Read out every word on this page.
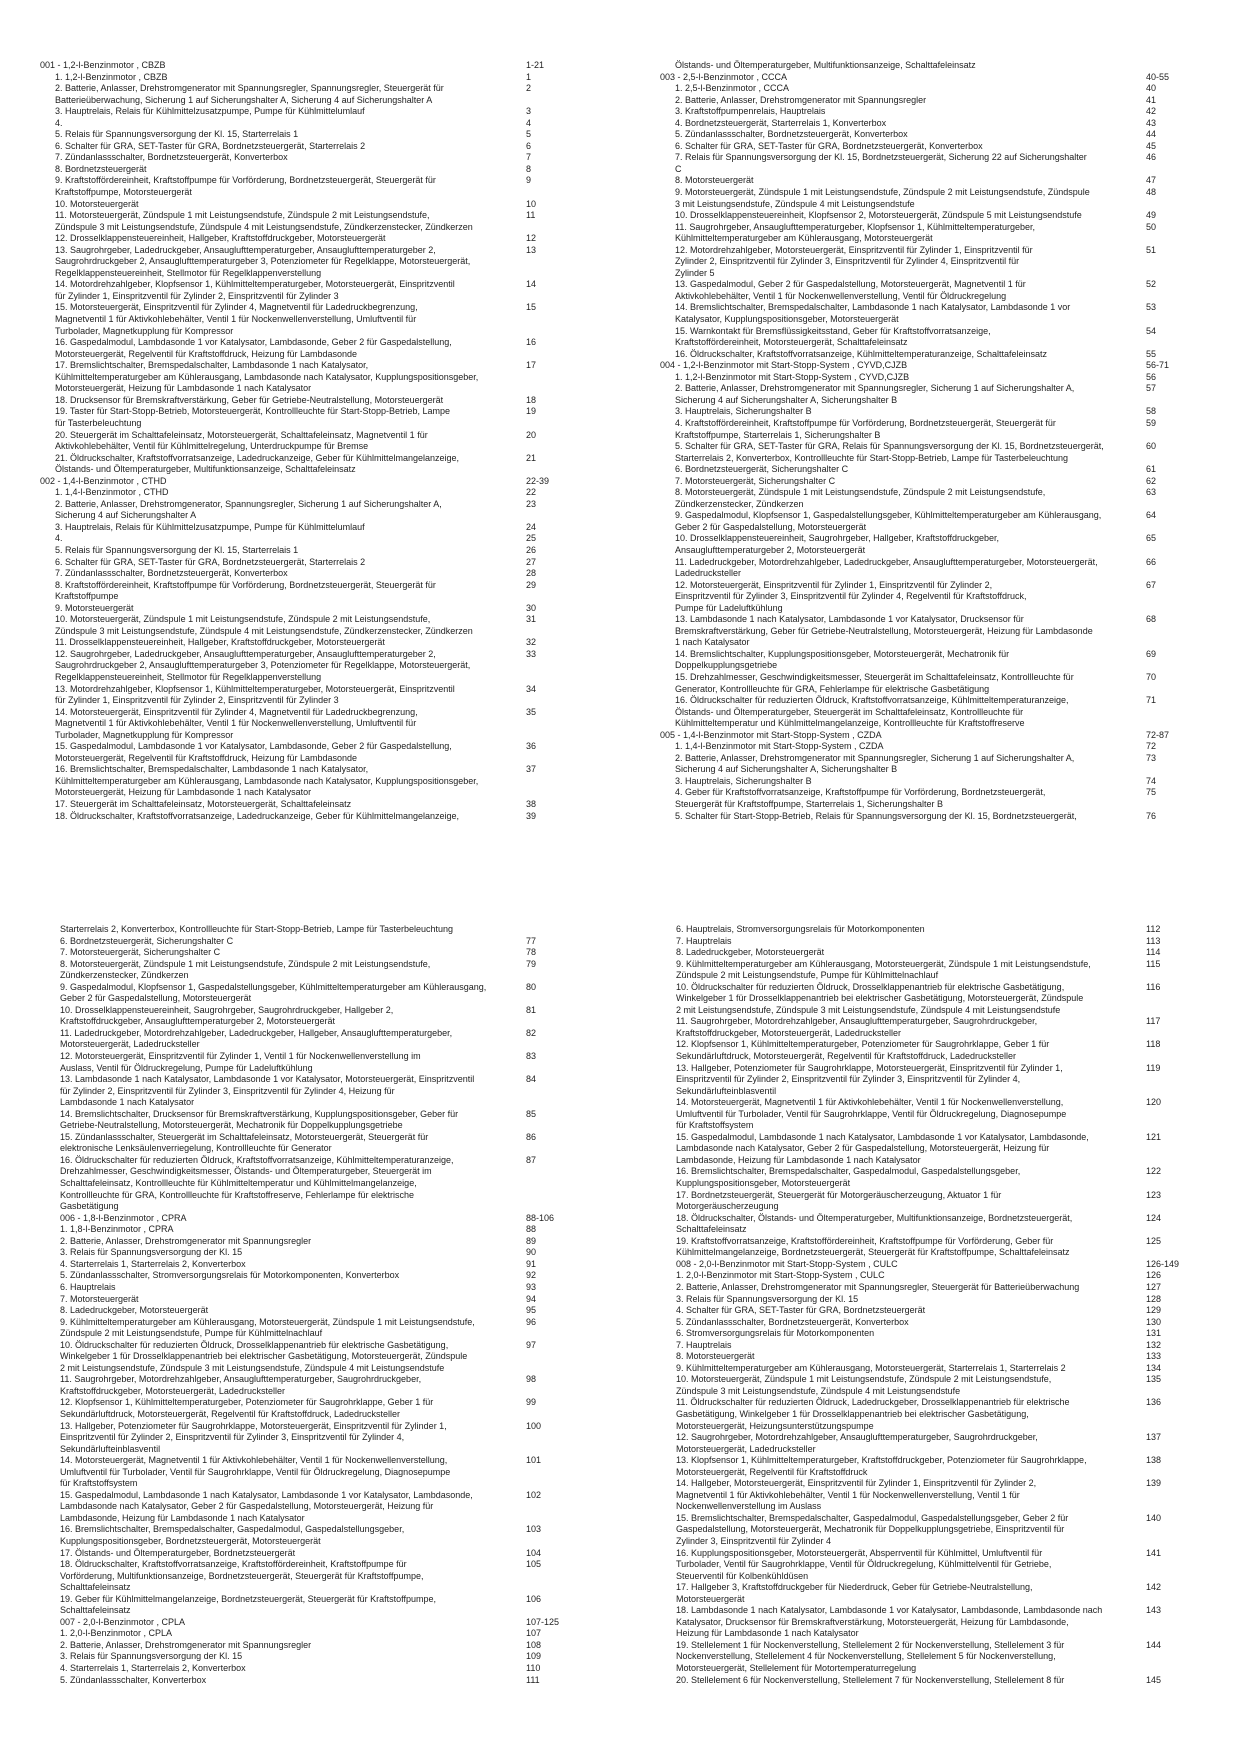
001 - 1,2-l-Benzinmotor , CBZB	1-21
1. 1,2-l-Benzinmotor , CBZB	1
2. Batterie, Anlasser, Drehstromgenerator mit Spannungsregler, Spannungsregler, Steuergerät für	2
Batterieüberwachung, Sicherung 1 auf Sicherungshalter A, Sicherung 4 auf Sicherungshalter A
3. Hauptrelais, Relais für Kühlmittelzusatzpumpe, Pumpe für Kühlmittelumlauf	3
4.	4
5. Relais für Spannungsversorgung der Kl. 15, Starterrelais 1	5
6. Schalter für GRA, SET-Taster für GRA, Bordnetzsteuergerät, Starterrelais 2	6
7. Zündanlassschalter, Bordnetzsteuergerät, Konverterbox	7
8. Bordnetzsteuergerät	8
9. Kraftstoffördereinheit, Kraftstoffpumpe für Vorförderung, Bordnetzsteuergerät, Steuergerät für	9
Kraftstoffpumpe, Motorsteuergerät
10. Motorsteuergerät	10
11. Motorsteuergerät, Zündspule 1 mit Leistungsendstufe, Zündspule 2 mit Leistungsendstufe,	11
Zündspule 3 mit Leistungsendstufe, Zündspule 4 mit Leistungsendstufe, Zündkerzenstecker, Zündkerzen
12. Drosselklappensteuereinheit, Hallgeber, Kraftstoffdruckgeber, Motorsteuergerät	12
13. Saugrohrgeber, Ladedruckgeber, Ansauglufttemperaturgeber, Ansauglufttemperaturgeber 2,	13
Saugrohrdruckgeber 2, Ansauglufttemperaturgeber 3, Potenziometer für Regelklappe, Motorsteuergerät,
Regelklappensteuereinheit, Stellmotor für Regelklappenverstellung
14. Motordrehzahlgeber, Klopfsensor 1, Kühlmitteltemperaturgeber, Motorsteuergerät, Einspritzventil	14
für Zylinder 1, Einspritzventil für Zylinder 2, Einspritzventil für Zylinder 3
15. Motorsteuergerät, Einspritzventil für Zylinder 4, Magnetventil für Ladedruckbegrenzung,	15
Magnetventil 1 für Aktivkohlebehälter, Ventil 1 für Nockenwellenverstellung, Umluftventil für
Turbolader, Magnetkupplung für Kompressor
16. Gaspedalmodul, Lambdasonde 1 vor Katalysator, Lambdasonde, Geber 2 für Gaspedalstellung,	16
Motorsteuergerät, Regelventil für Kraftstoffdruck, Heizung für Lambdasonde
17. Bremslichtschalter, Bremspedalschalter, Lambdasonde 1 nach Katalysator,	17
Kühlmitteltemperaturgeber am Kühlerausgang, Lambdasonde nach Katalysator, Kupplungspositionsgeber,
Motorsteuergerät, Heizung für Lambdasonde 1 nach Katalysator
18. Drucksensor für Bremskraftverstärkung, Geber für Getriebe-Neutralstellung, Motorsteuergerät	18
19. Taster für Start-Stopp-Betrieb, Motorsteuergerät, Kontrollleuchte für Start-Stopp-Betrieb, Lampe	19
für Tasterbeleuchtung
20. Steuergerät im Schalttafeleinsatz, Motorsteuergerät, Schalttafeleinsatz, Magnetventil 1 für	20
Aktivkohlebehälter, Ventil für Kühlmittelregelung, Unterdruckpumpe für Bremse
21. Öldruckschalter, Kraftstoffvorratsanzeige, Ladedruckanzeige, Geber für Kühlmittelmangelanzeige,	21
Ölstands- und Öltemperaturgeber, Multifunktionsanzeige, Schalttafeleinsatz
002 - 1,4-l-Benzinmotor , CTHD	22-39
1. 1,4-l-Benzinmotor , CTHD	22
2. Batterie, Anlasser, Drehstromgenerator, Spannungsregler, Sicherung 1 auf Sicherungshalter A,	23
Sicherung 4 auf Sicherungshalter A
3. Hauptrelais, Relais für Kühlmittelzusatzpumpe, Pumpe für Kühlmittelumlauf	24
4.	25
5. Relais für Spannungsversorgung der Kl. 15, Starterrelais 1	26
6. Schalter für GRA, SET-Taster für GRA, Bordnetzsteuergerät, Starterrelais 2	27
7. Zündanlassschalter, Bordnetzsteuergerät, Konverterbox	28
8. Kraftstoffördereinheit, Kraftstoffpumpe für Vorförderung, Bordnetzsteuergerät, Steuergerät für	29
Kraftstoffpumpe
9. Motorsteuergerät	30
10. Motorsteuergerät, Zündspule 1 mit Leistungsendstufe, Zündspule 2 mit Leistungsendstufe,	31
Zündspule 3 mit Leistungsendstufe, Zündspule 4 mit Leistungsendstufe, Zündkerzenstecker, Zündkerzen
11. Drosselklappensteuereinheit, Hallgeber, Kraftstoffdruckgeber, Motorsteuergerät	32
12. Saugrohrgeber, Ladedruckgeber, Ansauglufttemperaturgeber, Ansauglufttemperaturgeber 2,	33
Saugrohrdruckgeber 2, Ansauglufttemperaturgeber 3, Potenziometer für Regelklappe, Motorsteuergerät,
Regelklappensteuereinheit, Stellmotor für Regelklappenverstellung
13. Motordrehzahlgeber, Klopfsensor 1, Kühlmitteltemperaturgeber, Motorsteuergerät, Einspritzventil	34
für Zylinder 1, Einspritzventil für Zylinder 2, Einspritzventil für Zylinder 3
14. Motorsteuergerät, Einspritzventil für Zylinder 4, Magnetventil für Ladedruckbegrenzung,	35
Magnetventil 1 für Aktivkohlebehälter, Ventil 1 für Nockenwellenverstellung, Umluftventil für
Turbolader, Magnetkupplung für Kompressor
15. Gaspedalmodul, Lambdasonde 1 vor Katalysator, Lambdasonde, Geber 2 für Gaspedalstellung,	36
Motorsteuergerät, Regelventil für Kraftstoffdruck, Heizung für Lambdasonde
16. Bremslichtschalter, Bremspedalschalter, Lambdasonde 1 nach Katalysator,	37
Kühlmitteltemperaturgeber am Kühlerausgang, Lambdasonde nach Katalysator, Kupplungspositionsgeber,
Motorsteuergerät, Heizung für Lambdasonde 1 nach Katalysator
17. Steuergerät im Schalttafeleinsatz, Motorsteuergerät, Schalttafeleinsatz	38
18. Öldruckschalter, Kraftstoffvorratsanzeige, Ladedruckanzeige, Geber für Kühlmittelmangelanzeige,	39
Ölstands- und Öltemperaturgeber, Multifunktionsanzeige, Schalttafeleinsatz
003 - 2,5-l-Benzinmotor , CCCA	40-55
1. 2,5-l-Benzinmotor , CCCA	40
2. Batterie, Anlasser, Drehstromgenerator mit Spannungsregler	41
3. Kraftstoffpumpenrelais, Hauptrelais	42
4. Bordnetzsteuergerät, Starterrelais 1, Konverterbox	43
5. Zündanlassschalter, Bordnetzsteuergerät, Konverterbox	44
6. Schalter für GRA, SET-Taster für GRA, Bordnetzsteuergerät, Konverterbox	45
7. Relais für Spannungsversorgung der Kl. 15, Bordnetzsteuergerät, Sicherung 22 auf Sicherungshalter	46
C
8. Motorsteuergerät	47
9. Motorsteuergerät, Zündspule 1 mit Leistungsendstufe, Zündspule 2 mit Leistungsendstufe, Zündspule	48
3 mit Leistungsendstufe, Zündspule 4 mit Leistungsendstufe
10. Drosselklappensteuereinheit, Klopfsensor 2, Motorsteuergerät, Zündspule 5 mit Leistungsendstufe	49
11. Saugrohrgeber, Ansauglufttemperaturgeber, Klopfsensor 1, Kühlmitteltemperaturgeber,	50
Kühlmitteltemperaturgeber am Kühlerausgang, Motorsteuergerät
12. Motordrehzahlgeber, Motorsteuergerät, Einspritzventil für Zylinder 1, Einspritzventil für	51
Zylinder 2, Einspritzventil für Zylinder 3, Einspritzventil für Zylinder 4, Einspritzventil für
Zylinder 5
13. Gaspedalmodul, Geber 2 für Gaspedalstellung, Motorsteuergerät, Magnetventil 1 für	52
Aktivkohlebehälter, Ventil 1 für Nockenwellenverstellung, Ventil für Öldruckregelung
14. Bremslichtschalter, Bremspedalschalter, Lambdasonde 1 nach Katalysator, Lambdasonde 1 vor	53
Katalysator, Kupplungspositionsgeber, Motorsteuergerät
15. Warnkontakt für Bremsflüssigkeitsstand, Geber für Kraftstoffvorratsanzeige,	54
Kraftstoffördereinheit, Motorsteuergerät, Schalttafeleinsatz
16. Öldruckschalter, Kraftstoffvorratsanzeige, Kühlmitteltemperaturanzeige, Schalttafeleinsatz	55
004 - 1,2-l-Benzinmotor mit Start-Stopp-System , CYVD,CJZB	56-71
1. 1,2-l-Benzinmotor mit Start-Stopp-System , CYVD,CJZB	56
2. Batterie, Anlasser, Drehstromgenerator mit Spannungsregler, Sicherung 1 auf Sicherungshalter A,	57
Sicherung 4 auf Sicherungshalter A, Sicherungshalter B
3. Hauptrelais, Sicherungshalter B	58
4. Kraftstoffördereinheit, Kraftstoffpumpe für Vorförderung, Bordnetzsteuergerät, Steuergerät für	59
Kraftstoffpumpe, Starterrelais 1, Sicherungshalter B
5. Schalter für GRA, SET-Taster für GRA, Relais für Spannungsversorgung der Kl. 15, Bordnetzsteuergerät,	60
Starterrelais 2, Konverterbox, Kontrollleuchte für Start-Stopp-Betrieb, Lampe für Tasterbeleuchtung
6. Bordnetzsteuergerät, Sicherungshalter C	61
7. Motorsteuergerät, Sicherungshalter C	62
8. Motorsteuergerät, Zündspule 1 mit Leistungsendstufe, Zündspule 2 mit Leistungsendstufe,	63
Zündkerzenstecker, Zündkerzen
9. Gaspedalmodul, Klopfsensor 1, Gaspedalstellungsgeber, Kühlmitteltemperaturgeber am Kühlerausgang,	64
Geber 2 für Gaspedalstellung, Motorsteuergerät
10. Drosselklappensteuereinheit, Saugrohrgeber, Hallgeber, Kraftstoffdruckgeber,	65
Ansauglufttemperaturgeber 2, Motorsteuergerät
11. Ladedruckgeber, Motordrehzahlgeber, Ladedruckgeber, Ansauglufttemperaturgeber, Motorsteuergerät,	66
Ladedrucksteller
12. Motorsteuergerät, Einspritzventil für Zylinder 1, Einspritzventil für Zylinder 2,	67
Einspritzventil für Zylinder 3, Einspritzventil für Zylinder 4, Regelventil für Kraftstoffdruck,
Pumpe für Ladeluftkühlung
13. Lambdasonde 1 nach Katalysator, Lambdasonde 1 vor Katalysator, Drucksensor für	68
Bremskraftverstärkung, Geber für Getriebe-Neutralstellung, Motorsteuergerät, Heizung für Lambdasonde
1 nach Katalysator
14. Bremslichtschalter, Kupplungspositionsgeber, Motorsteuergerät, Mechatronik für	69
Doppelkupplungsgetriebe
15. Drehzahlmesser, Geschwindigkeitsmesser, Steuergerät im Schalttafeleinsatz, Kontrollleuchte für	70
Generator, Kontrollleuchte für GRA, Fehlerlampe für elektrische Gasbetätigung
16. Öldruckschalter für reduzierten Öldruck, Kraftstoffvorratsanzeige, Kühlmitteltemperaturanzeige,	71
Ölstands- und Öltemperaturgeber, Steuergerät im Schalttafeleinsatz, Kontrollleuchte für
Kühlmitteltemperatur und Kühlmittelmangelanzeige, Kontrollleuchte für Kraftstoffreserve
005 - 1,4-l-Benzinmotor mit Start-Stopp-System , CZDA	72-87
1. 1,4-l-Benzinmotor mit Start-Stopp-System , CZDA	72
2. Batterie, Anlasser, Drehstromgenerator mit Spannungsregler, Sicherung 1 auf Sicherungshalter A,	73
Sicherung 4 auf Sicherungshalter A, Sicherungshalter B
3. Hauptrelais, Sicherungshalter B	74
4. Geber für Kraftstoffvorratsanzeige, Kraftstoffpumpe für Vorförderung, Bordnetzsteuergerät,	75
Steuergerät für Kraftstoffpumpe, Starterrelais 1, Sicherungshalter B
5. Schalter für Start-Stopp-Betrieb, Relais für Spannungsversorgung der Kl. 15, Bordnetzsteuergerät,	76
Starterrelais 2, Konverterbox, Kontrollleuchte für Start-Stopp-Betrieb, Lampe für Tasterbeleuchtung
6. Bordnetzsteuergerät, Sicherungshalter C	77
7. Motorsteuergerät, Sicherungshalter C	78
8. Motorsteuergerät, Zündspule 1 mit Leistungsendstufe, Zündspule 2 mit Leistungsendstufe,	79
Zündkerzenstecker, Zündkerzen
9. Gaspedalmodul, Klopfsensor 1, Gaspedalstellungsgeber, Kühlmitteltemperaturgeber am Kühlerausgang,	80
Geber 2 für Gaspedalstellung, Motorsteuergerät
10. Drosselklappensteuereinheit, Saugrohrgeber, Saugrohrdruckgeber, Hallgeber 2,	81
Kraftstoffdruckgeber, Ansauglufttemperaturgeber 2, Motorsteuergerät
11. Ladedruckgeber, Motordrehzahlgeber, Ladedruckgeber, Hallgeber, Ansauglufttemperaturgeber,	82
Motorsteuergerät, Ladedrucksteller
12. Motorsteuergerät, Einspritzventil für Zylinder 1, Ventil 1 für Nockenwellenverstellung im	83
Auslass, Ventil für Öldruckregelung, Pumpe für Ladeluftkühlung
13. Lambdasonde 1 nach Katalysator, Lambdasonde 1 vor Katalysator, Motorsteuergerät, Einspritzventil	84
für Zylinder 2, Einspritzventil für Zylinder 3, Einspritzventil für Zylinder 4, Heizung für
Lambdasonde 1 nach Katalysator
14. Bremslichtschalter, Drucksensor für Bremskraftverstärkung, Kupplungspositionsgeber, Geber für	85
Getriebe-Neutralstellung, Motorsteuergerät, Mechatronik für Doppelkupplungsgetriebe
15. Zündanlassschalter, Steuergerät im Schalttafeleinsatz, Motorsteuergerät, Steuergerät für	86
elektronische Lenksäulenverriegelung, Kontrollleuchte für Generator
16. Öldruckschalter für reduzierten Öldruck, Kraftstoffvorratsanzeige, Kühlmitteltemperaturanzeige,	87
Drehzahlmesser, Geschwindigkeitsmesser, Ölstands- und Öltemperaturgeber, Steuergerät im
Schalttafeleinsatz, Kontrollleuchte für Kühlmitteltemperatur und Kühlmittelmangelanzeige,
Kontrollleuchte für GRA, Kontrollleuchte für Kraftstoffreserve, Fehlerlampe für elektrische
Gasbetätigung
006 - 1,8-l-Benzinmotor , CPRA	88-106
1. 1,8-l-Benzinmotor , CPRA	88
2. Batterie, Anlasser, Drehstromgenerator mit Spannungsregler	89
3. Relais für Spannungsversorgung der Kl. 15	90
4. Starterrelais 1, Starterrelais 2, Konverterbox	91
5. Zündanlassschalter, Stromversorgungsrelais für Motorkomponenten, Konverterbox	92
6. Hauptrelais	93
7. Motorsteuergerät	94
8. Ladedruckgeber, Motorsteuergerät	95
9. Kühlmitteltemperaturgeber am Kühlerausgang, Motorsteuergerät, Zündspule 1 mit Leistungsendstufe,	96
Zündspule 2 mit Leistungsendstufe, Pumpe für Kühlmittelnachlauf
10. Öldruckschalter für reduzierten Öldruck, Drosselklappenantrieb für elektrische Gasbetätigung,	97
Winkelgeber 1 für Drosselklappenantrieb bei elektrischer Gasbetätigung, Motorsteuergerät, Zündspule
2 mit Leistungsendstufe, Zündspule 3 mit Leistungsendstufe, Zündspule 4 mit Leistungsendstufe
11. Saugrohrgeber, Motordrehzahlgeber, Ansauglufttemperaturgeber, Saugrohrdruckgeber,	98
Kraftstoffdruckgeber, Motorsteuergerät, Ladedrucksteller
12. Klopfsensor 1, Kühlmitteltemperaturgeber, Potenziometer für Saugrohrklappe, Geber 1 für	99
Sekundärluftdruck, Motorsteuergerät, Regelventil für Kraftstoffdruck, Ladedrucksteller
13. Hallgeber, Potenziometer für Saugrohrklappe, Motorsteuergerät, Einspritzventil für Zylinder 1,	100
Einspritzventil für Zylinder 2, Einspritzventil für Zylinder 3, Einspritzventil für Zylinder 4,
Sekundärlufteinblasventil
14. Motorsteuergerät, Magnetventil 1 für Aktivkohlebehälter, Ventil 1 für Nockenwellenverstellung,	101
Umluftventil für Turbolader, Ventil für Saugrohrklappe, Ventil für Öldruckregelung, Diagnosepumpe
für Kraftstoffsystem
15. Gaspedalmodul, Lambdasonde 1 nach Katalysator, Lambdasonde 1 vor Katalysator, Lambdasonde,	102
Lambdasonde nach Katalysator, Geber 2 für Gaspedalstellung, Motorsteuergerät, Heizung für
Lambdasonde, Heizung für Lambdasonde 1 nach Katalysator
16. Bremslichtschalter, Bremspedalschalter, Gaspedalmodul, Gaspedalstellungsgeber,	103
Kupplungspositionsgeber, Bordnetzsteuergerät, Motorsteuergerät
17. Ölstands- und Öltemperaturgeber, Bordnetzsteuergerät	104
18. Öldruckschalter, Kraftstoffvorratsanzeige, Kraftstoffördereinheit, Kraftstoffpumpe für	105
Vorförderung, Multifunktionsanzeige, Bordnetzsteuergerät, Steuergerät für Kraftstoffpumpe,
Schalttafeleinsatz
19. Geber für Kühlmittelmangelanzeige, Bordnetzsteuergerät, Steuergerät für Kraftstoffpumpe,	106
Schalttafeleinsatz
007 - 2,0-l-Benzinmotor , CPLA	107-125
1. 2,0-l-Benzinmotor , CPLA	107
2. Batterie, Anlasser, Drehstromgenerator mit Spannungsregler	108
3. Relais für Spannungsversorgung der Kl. 15	109
4. Starterrelais 1, Starterrelais 2, Konverterbox	110
5. Zündanlassschalter, Konverterbox	111
6. Hauptrelais, Stromversorgungsrelais für Motorkomponenten	112
7. Hauptrelais	113
8. Ladedruckgeber, Motorsteuergerät	114
9. Kühlmitteltemperaturgeber am Kühlerausgang, Motorsteuergerät, Zündspule 1 mit Leistungsendstufe,	115
Zündspule 2 mit Leistungsendstufe, Pumpe für Kühlmittelnachlauf
10. Öldruckschalter für reduzierten Öldruck, Drosselklappenantrieb für elektrische Gasbetätigung,	116
Winkelgeber 1 für Drosselklappenantrieb bei elektrischer Gasbetätigung, Motorsteuergerät, Zündspule
2 mit Leistungsendstufe, Zündspule 3 mit Leistungsendstufe, Zündspule 4 mit Leistungsendstufe
11. Saugrohrgeber, Motordrehzahlgeber, Ansauglufttemperaturgeber, Saugrohrdruckgeber,	117
Kraftstoffdruckgeber, Motorsteuergerät, Ladedrucksteller
12. Klopfsensor 1, Kühlmitteltemperaturgeber, Potenziometer für Saugrohrklappe, Geber 1 für	118
Sekundärluftdruck, Motorsteuergerät, Regelventil für Kraftstoffdruck, Ladedrucksteller
13. Hallgeber, Potenziometer für Saugrohrklappe, Motorsteuergerät, Einspritzventil für Zylinder 1,	119
Einspritzventil für Zylinder 2, Einspritzventil für Zylinder 3, Einspritzventil für Zylinder 4,
Sekundärlufteinblasventil
14. Motorsteuergerät, Magnetventil 1 für Aktivkohlebehälter, Ventil 1 für Nockenwellenverstellung,	120
Umluftventil für Turbolader, Ventil für Saugrohrklappe, Ventil für Öldruckregelung, Diagnosepumpe
für Kraftstoffsystem
15. Gaspedalmodul, Lambdasonde 1 nach Katalysator, Lambdasonde 1 vor Katalysator, Lambdasonde,	121
Lambdasonde nach Katalysator, Geber 2 für Gaspedalstellung, Motorsteuergerät, Heizung für
Lambdasonde, Heizung für Lambdasonde 1 nach Katalysator
16. Bremslichtschalter, Bremspedalschalter, Gaspedalmodul, Gaspedalstellungsgeber,	122
Kupplungspositionsgeber, Motorsteuergerät
17. Bordnetzsteuergerät, Steuergerät für Motorgeräuscherzeugung, Aktuator 1 für	123
Motorgeräuscherzeugung
18. Öldruckschalter, Ölstands- und Öltemperaturgeber, Multifunktionsanzeige, Bordnetzsteuergerät,	124
Schalttafeleinsatz
19. Kraftstoffvorratsanzeige, Kraftstoffördereinheit, Kraftstoffpumpe für Vorförderung, Geber für	125
Kühlmittelmangelanzeige, Bordnetzsteuergerät, Steuergerät für Kraftstoffpumpe, Schalttafeleinsatz
008 - 2,0-l-Benzinmotor mit Start-Stopp-System , CULC	126-149
1. 2,0-l-Benzinmotor mit Start-Stopp-System , CULC	126
2. Batterie, Anlasser, Drehstromgenerator mit Spannungsregler, Steuergerät für Batterieüberwachung	127
3. Relais für Spannungsversorgung der Kl. 15	128
4. Schalter für GRA, SET-Taster für GRA, Bordnetzsteuergerät	129
5. Zündanlassschalter, Bordnetzsteuergerät, Konverterbox	130
6. Stromversorgungsrelais für Motorkomponenten	131
7. Hauptrelais	132
8. Motorsteuergerät	133
9. Kühlmitteltemperaturgeber am Kühlerausgang, Motorsteuergerät, Starterrelais 1, Starterrelais 2	134
10. Motorsteuergerät, Zündspule 1 mit Leistungsendstufe, Zündspule 2 mit Leistungsendstufe,	135
Zündspule 3 mit Leistungsendstufe, Zündspule 4 mit Leistungsendstufe
11. Öldruckschalter für reduzierten Öldruck, Ladedruckgeber, Drosselklappenantrieb für elektrische	136
Gasbetätigung, Winkelgeber 1 für Drosselklappenantrieb bei elektrischer Gasbetätigung,
Motorsteuergerät, Heizungsunterstützungspumpe
12. Saugrohrgeber, Motordrehzahlgeber, Ansauglufttemperaturgeber, Saugrohrdruckgeber,	137
Motorsteuergerät, Ladedrucksteller
13. Klopfsensor 1, Kühlmitteltemperaturgeber, Kraftstoffdruckgeber, Potenziometer für Saugrohrklappe,	138
Motorsteuergerät, Regelventil für Kraftstoffdruck
14. Hallgeber, Motorsteuergerät, Einspritzventil für Zylinder 1, Einspritzventil für Zylinder 2,	139
Magnetventil 1 für Aktivkohlebehälter, Ventil 1 für Nockenwellenverstellung, Ventil 1 für
Nockenwellenverstellung im Auslass
15. Bremslichtschalter, Bremspedalschalter, Gaspedalmodul, Gaspedalstellungsgeber, Geber 2 für	140
Gaspedalstellung, Motorsteuergerät, Mechatronik für Doppelkupplungsgetriebe, Einspritzventil für
Zylinder 3, Einspritzventil für Zylinder 4
16. Kupplungspositionsgeber, Motorsteuergerät, Absperrventil für Kühlmittel, Umluftventil für	141
Turbolader, Ventil für Saugrohrklappe, Ventil für Öldruckregelung, Kühlmittelventil für Getriebe,
Steuerventil für Kolbenkühldüsen
17. Hallgeber 3, Kraftstoffdruckgeber für Niederdruck, Geber für Getriebe-Neutralstellung,	142
Motorsteuergerät
18. Lambdasonde 1 nach Katalysator, Lambdasonde 1 vor Katalysator, Lambdasonde, Lambdasonde nach	143
Katalysator, Drucksensor für Bremskraftverstärkung, Motorsteuergerät, Heizung für Lambdasonde,
Heizung für Lambdasonde 1 nach Katalysator
19. Stellelement 1 für Nockenverstellung, Stellelement 2 für Nockenverstellung, Stellelement 3 für	144
Nockenverstellung, Stellelement 4 für Nockenverstellung, Stellelement 5 für Nockenverstellung,
Motorsteuergerät, Stellelement für Motortemperaturregelung
20. Stellelement 6 für Nockenverstellung, Stellelement 7 für Nockenverstellung, Stellelement 8 für	145
